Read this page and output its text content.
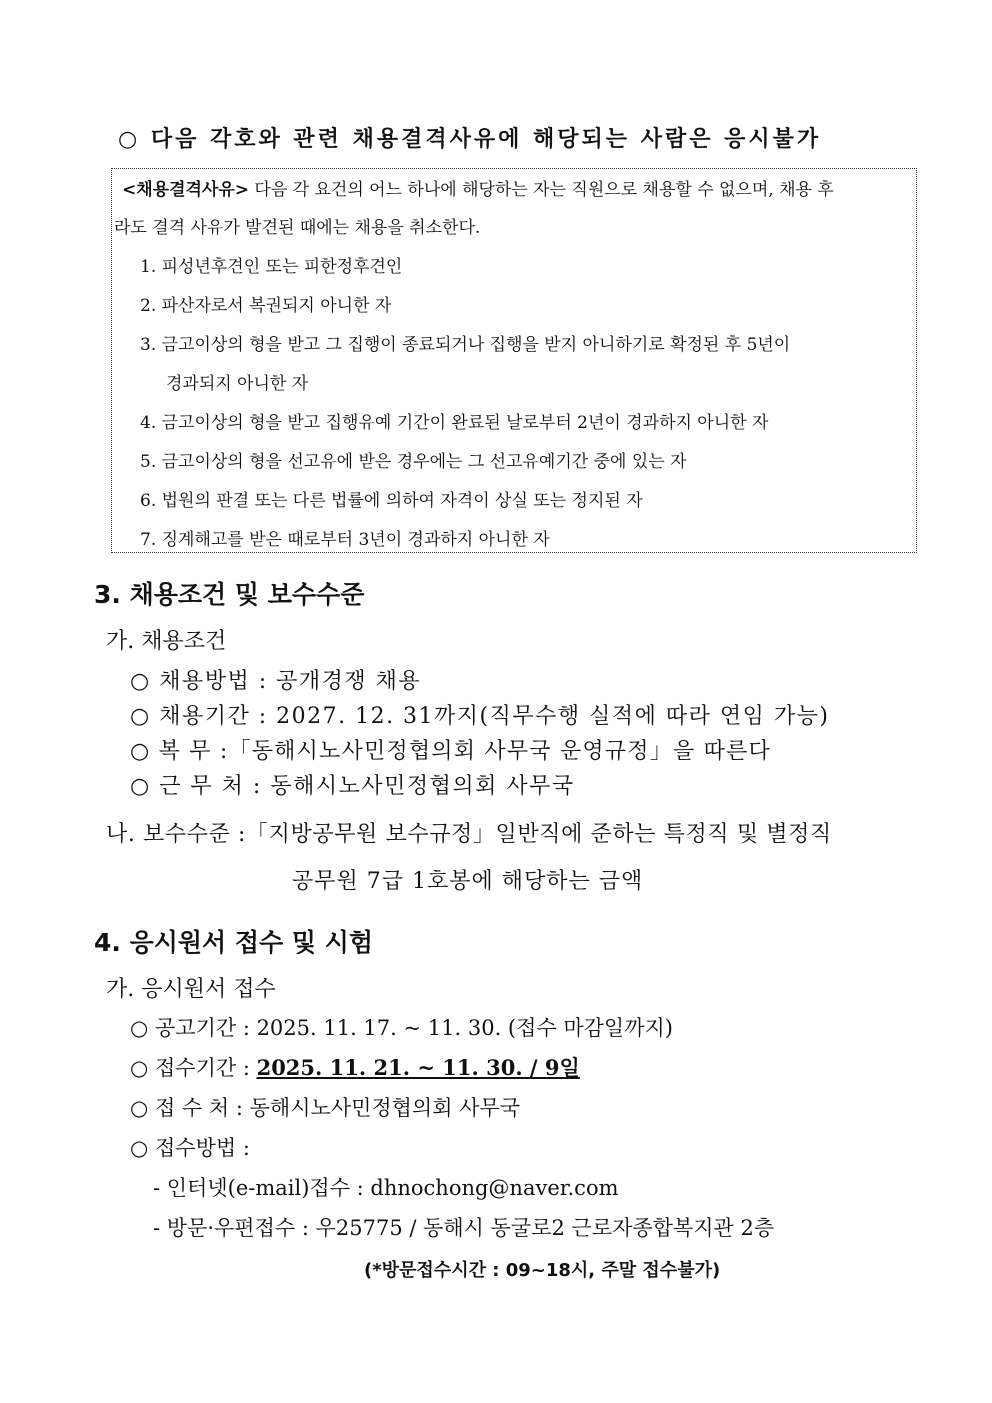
○ 다음 각호와 관련 채용결격사유에 해당되는 사람은 응시불가
<채용결격사유> 다음 각 요건의 어느 하나에 해당하는 자는 직원으로 채용할 수 없으며, 채용 후
라도 결격 사유가 발견된 때에는 채용을 취소한다.
1. 피성년후견인 또는 피한정후견인
2. 파산자로서 복권되지 아니한 자
3. 금고이상의 형을 받고 그 집행이 종료되거나 집행을 받지 아니하기로 확정된 후 5년이
경과되지 아니한 자
4. 금고이상의 형을 받고 집행유예 기간이 완료된 날로부터 2년이 경과하지 아니한 자
5. 금고이상의 형을 선고유에 받은 경우에는 그 선고유예기간 중에 있는 자
6. 법원의 판결 또는 다른 법률에 의하여 자격이 상실 또는 정지된 자
7. 징계해고를 받은 때로부터 3년이 경과하지 아니한 자
3. 채용조건 및 보수수준
가. 채용조건
○ 채용방법 : 공개경쟁 채용
○ 채용기간 : 2027. 12. 31까지(직무수행 실적에 따라 연임 가능)
○ 복 무 :「동해시노사민정협의회 사무국 운영규정」을 따른다
○ 근 무 처 : 동해시노사민정협의회 사무국
나. 보수수준 :「지방공무원 보수규정」일반직에 준하는 특정직 및 별정직
공무원 7급 1호봉에 해당하는 금액
4. 응시원서 접수 및 시험
가. 응시원서 접수
○ 공고기간 : 2025. 11. 17. ~ 11. 30. (접수 마감일까지)
○ 접수기간 : 2025. 11. 21. ~ 11. 30. / 9일
○ 접 수 처 : 동해시노사민정협의회 사무국
○ 접수방법 :
- 인터넷(e-mail)접수 : dhnochong@naver.com
- 방문·우편접수 : 우25775 / 동해시 동굴로2 근로자종합복지관 2층
(*방문접수시간 : 09~18시, 주말 접수불가)
